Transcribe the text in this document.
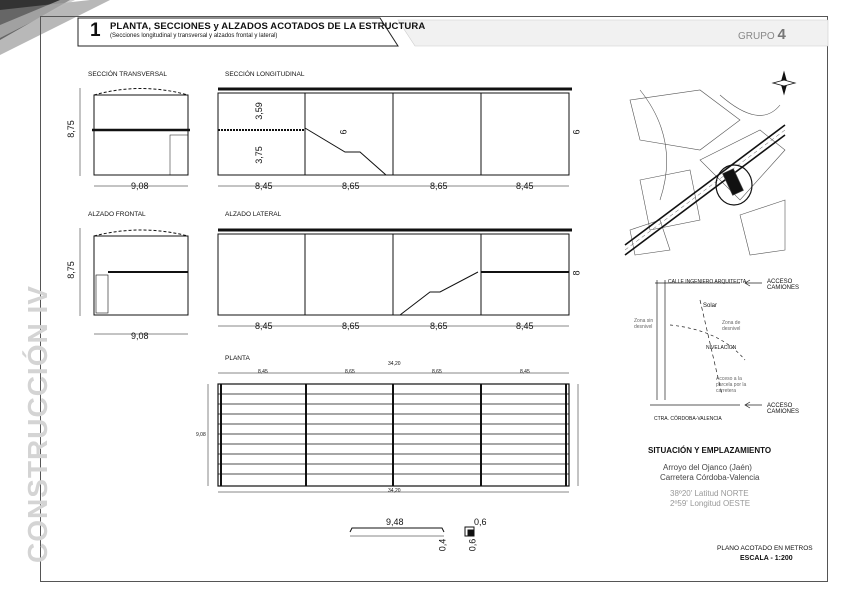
1 PLANTA, SECCIONES y ALZADOS ACOTADOS DE LA ESTRUCTURA
(Secciones longitudinal y transversal y alzados frontal y lateral)	GRUPO 4
CONSTRUCCIÓN IV
SECCIÓN TRANSVERSAL	SECCIÓN LONGITUDINAL
ALZADO FRONTAL	ALZADO LATERAL
PLANTA
8,75
9,08
3,59
3,75
6	6
8,45	8,65	8,65	8,45
8,75
9,08
8
8,45	8,65	8,65	8,45
34,20
8,45	8,65	8,65	8,45
34,20
9,08
9,48
0,4
0,6
0,6
CALLE INGENIERO ARQUITECTA	ACCESO CAMIONES
Solar
Zona sin desnivel
Zona de desnivel
NIVELACION
Acceso a la parcela por la carretera
CTRA. CÓRDOBA-VALENCIA
ACCESO CAMIONES
SITUACIÓN Y EMPLAZAMIENTO
Arroyo del Ojanco (Jaén)
Carretera Córdoba-Valencia
38º20' Latitud NORTE
2º59' Longitud OESTE
PLANO ACOTADO EN METROS
ESCALA - 1:200
